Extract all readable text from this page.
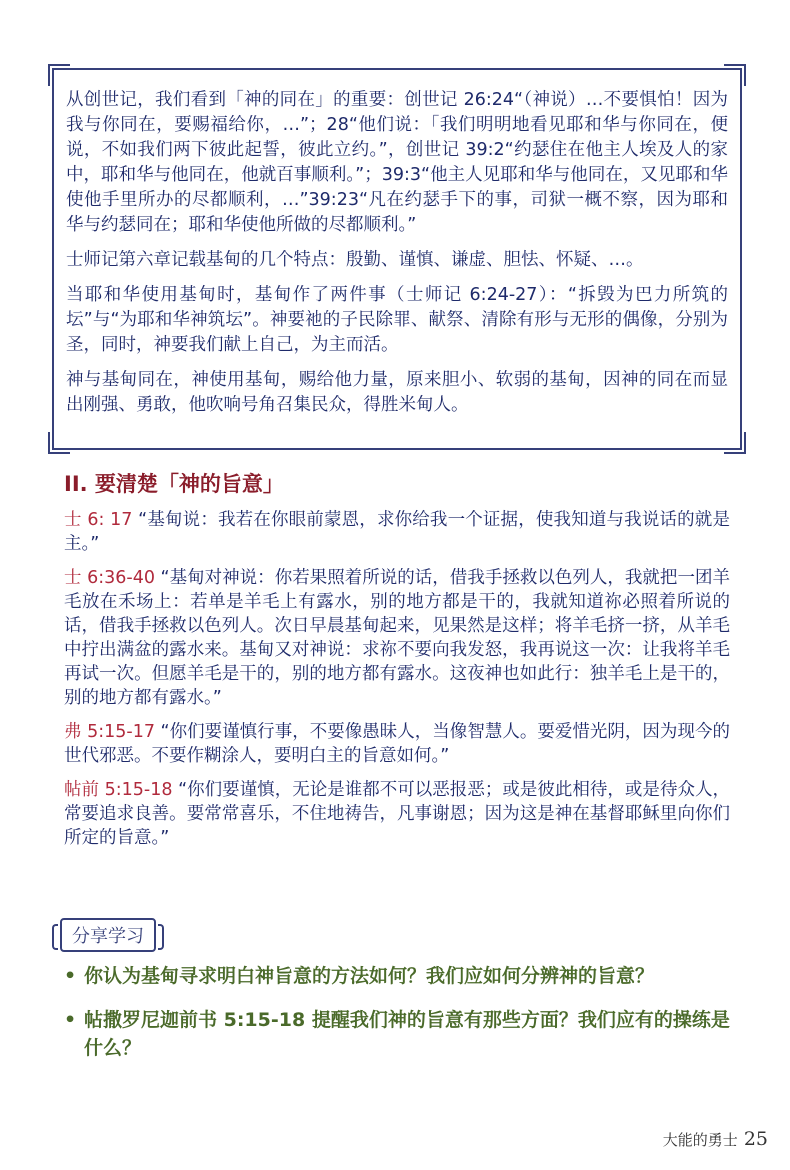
从创世记，我们看到「神的同在」的重要：创世记 26:24“（神说）…不要惧怕！因为我与你同在，要赐福给你，…”；28“他们说：「我们明明地看见耶和华与你同在，便说，不如我们两下彼此起誓，彼此立约。”，创世记 39:2“约瑟住在他主人埃及人的家中，耶和华与他同在，他就百事顺利。”；39:3“他主人见耶和华与他同在，又见耶和华使他手里所办的尽都顺利，…”39:23“凡在约瑟手下的事，司狱一概不察，因为耶和华与约瑟同在；耶和华使他所做的尽都顺利。”

士师记第六章记载基甸的几个特点：殷勤、谨慎、谦虚、胆怯、怀疑、…。

当耶和华使用基甸时，基甸作了两件事（士师记 6:24-27）：“拆毁为巴力所筑的坛”与“为耶和华神筑坛”。神要祂的子民除罪、献祭、清除有形与无形的偶像，分别为圣，同时，神要我们献上自己，为主而活。

神与基甸同在，神使用基甸，赐给他力量，原来胆小、软弱的基甸，因神的同在而显出刚强、勇敢，他吹响号角召集民众，得胜米甸人。

II. 要清楚「神的旨意」

士 6: 17 “基甸说：我若在你眼前蒙恩，求你给我一个证据，使我知道与我说话的就是主。”

士 6:36-40 “基甸对神说：你若果照着所说的话，借我手拯救以色列人，我就把一团羊毛放在禾场上：若单是羊毛上有露水，别的地方都是干的，我就知道祢必照着所说的话，借我手拯救以色列人。次日早晨基甸起来，见果然是这样；将羊毛挤一挤，从羊毛中拧出满盆的露水来。基甸又对神说：求祢不要向我发怒，我再说这一次：让我将羊毛再试一次。但愿羊毛是干的，别的地方都有露水。这夜神也如此行：独羊毛上是干的，别的地方都有露水。”

弗 5:15-17 “你们要谨慎行事，不要像愚昧人，当像智慧人。要爱惜光阴，因为现今的世代邪恶。不要作糊涂人，要明白主的旨意如何。”

帖前 5:15-18 “你们要谨慎，无论是谁都不可以恶报恶；或是彼此相待，或是待众人，常要追求良善。要常常喜乐，不住地祷告，凡事谢恩；因为这是神在基督耶稣里向你们所定的旨意。”

分享学习
• 你认为基甸寻求明白神旨意的方法如何？我们应如何分辨神的旨意？
• 帖撒罗尼迦前书 5:15-18 提醒我们神的旨意有那些方面？我们应有的操练是什么？
大能的勇士 25
